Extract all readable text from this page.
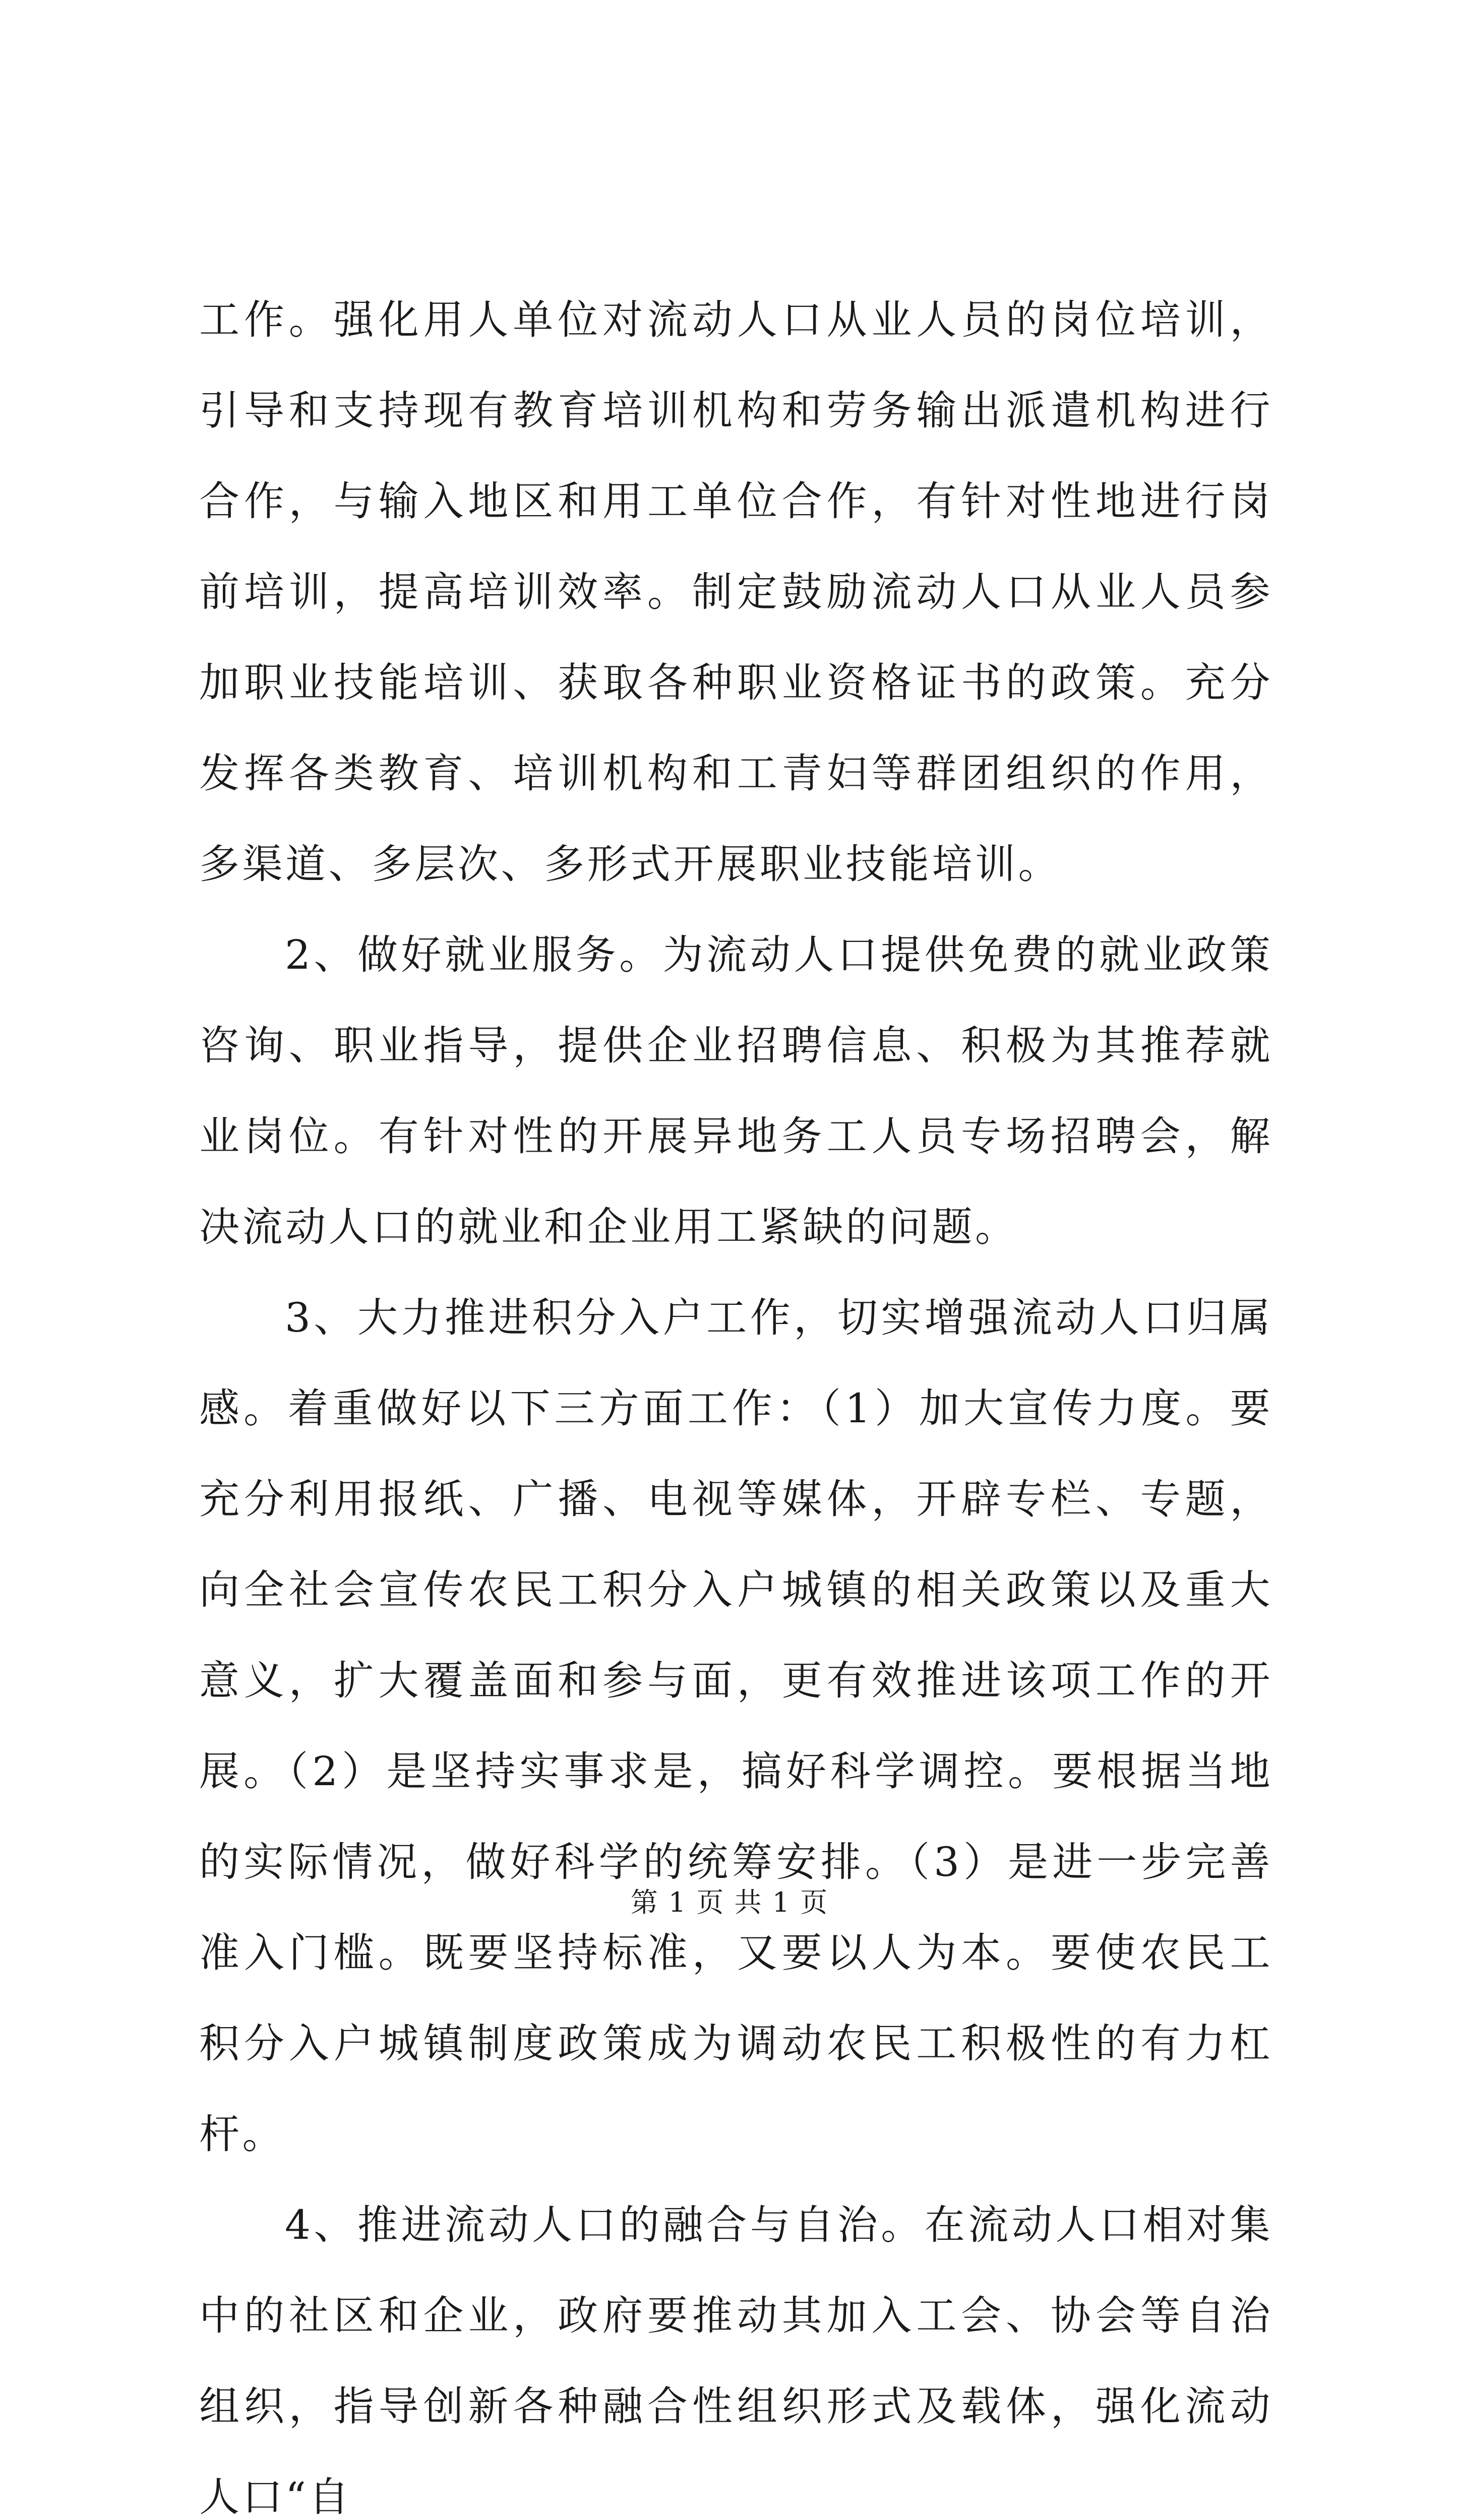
工作。强化用人单位对流动人口从业人员的岗位培训，引导和支持现有教育培训机构和劳务输出派遣机构进行合作，与输入地区和用工单位合作，有针对性地进行岗前培训，提高培训效率。制定鼓励流动人口从业人员参加职业技能培训、获取各种职业资格证书的政策。充分发挥各类教育、培训机构和工青妇等群团组织的作用，多渠道、多层次、多形式开展职业技能培训。

2、做好就业服务。为流动人口提供免费的就业政策咨询、职业指导，提供企业招聘信息、积极为其推荐就业岗位。有针对性的开展异地务工人员专场招聘会，解决流动人口的就业和企业用工紧缺的问题。

3、大力推进积分入户工作，切实增强流动人口归属感。着重做好以下三方面工作：（1）加大宣传力度。要充分利用报纸、广播、电视等媒体，开辟专栏、专题，向全社会宣传农民工积分入户城镇的相关政策以及重大意义，扩大覆盖面和参与面，更有效推进该项工作的开展。（2）是坚持实事求是，搞好科学调控。要根据当地的实际情况，做好科学的统筹安排。（3）是进一步完善准入门槛。既要坚持标准，又要以人为本。要使农民工积分入户城镇制度政策成为调动农民工积极性的有力杠杆。

4、推进流动人口的融合与自治。在流动人口相对集中的社区和企业，政府要推动其加入工会、协会等自治组织，指导创新各种融合性组织形式及载体，强化流动人口“自

第 1 页 共 1 页
